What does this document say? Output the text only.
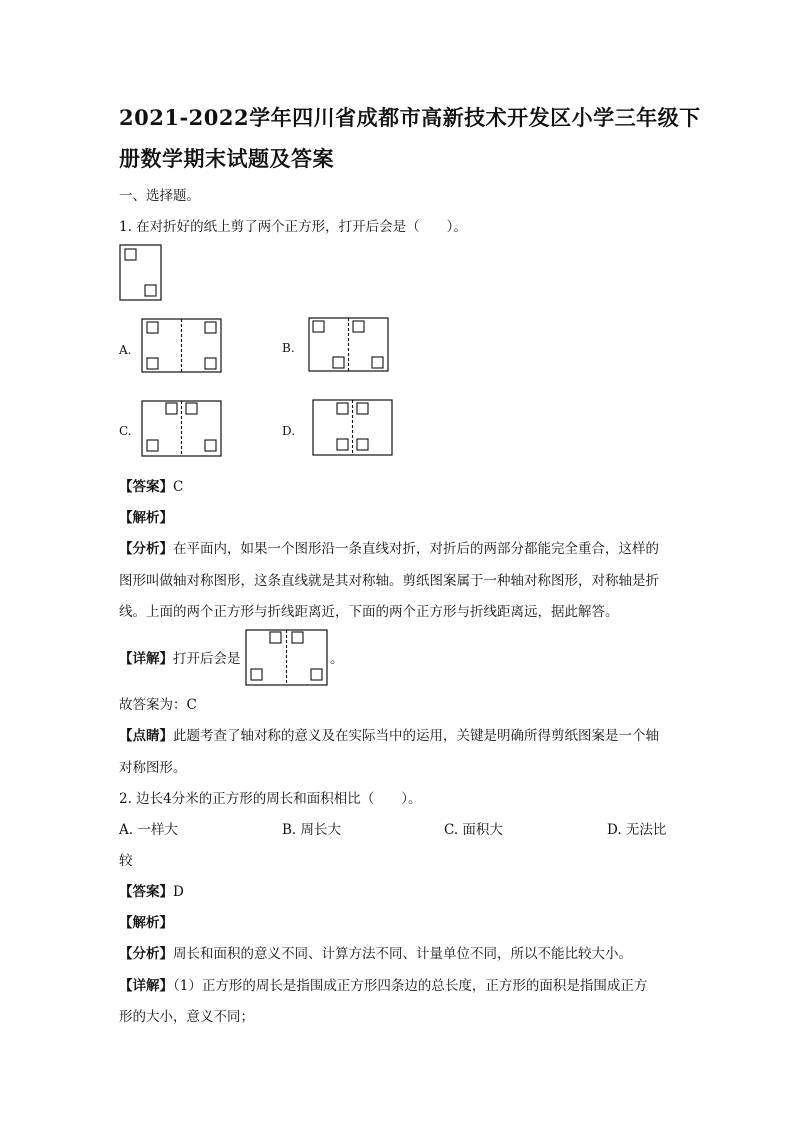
2021-2022学年四川省成都市高新技术开发区小学三年级下
册数学期末试题及答案
一、选择题。
1. 在对折好的纸上剪了两个正方形，打开后会是（　　）。
A.	B.
C.	D.
【答案】C
【解析】
【分析】在平面内，如果一个图形沿一条直线对折，对折后的两部分都能完全重合，这样的
图形叫做轴对称图形，这条直线就是其对称轴。剪纸图案属于一种轴对称图形，对称轴是折
线。上面的两个正方形与折线距离近，下面的两个正方形与折线距离远，据此解答。
【详解】打开后会是	。
故答案为：C
【点睛】此题考查了轴对称的意义及在实际当中的运用，关键是明确所得剪纸图案是一个轴
对称图形。
2. 边长4分米的正方形的周长和面积相比（　　）。
A. 一样大	B. 周长大	C. 面积大	D. 无法比
较
【答案】D
【解析】
【分析】周长和面积的意义不同、计算方法不同、计量单位不同，所以不能比较大小。
【详解】（1）正方形的周长是指围成正方形四条边的总长度，正方形的面积是指围成正方
形的大小，意义不同；
